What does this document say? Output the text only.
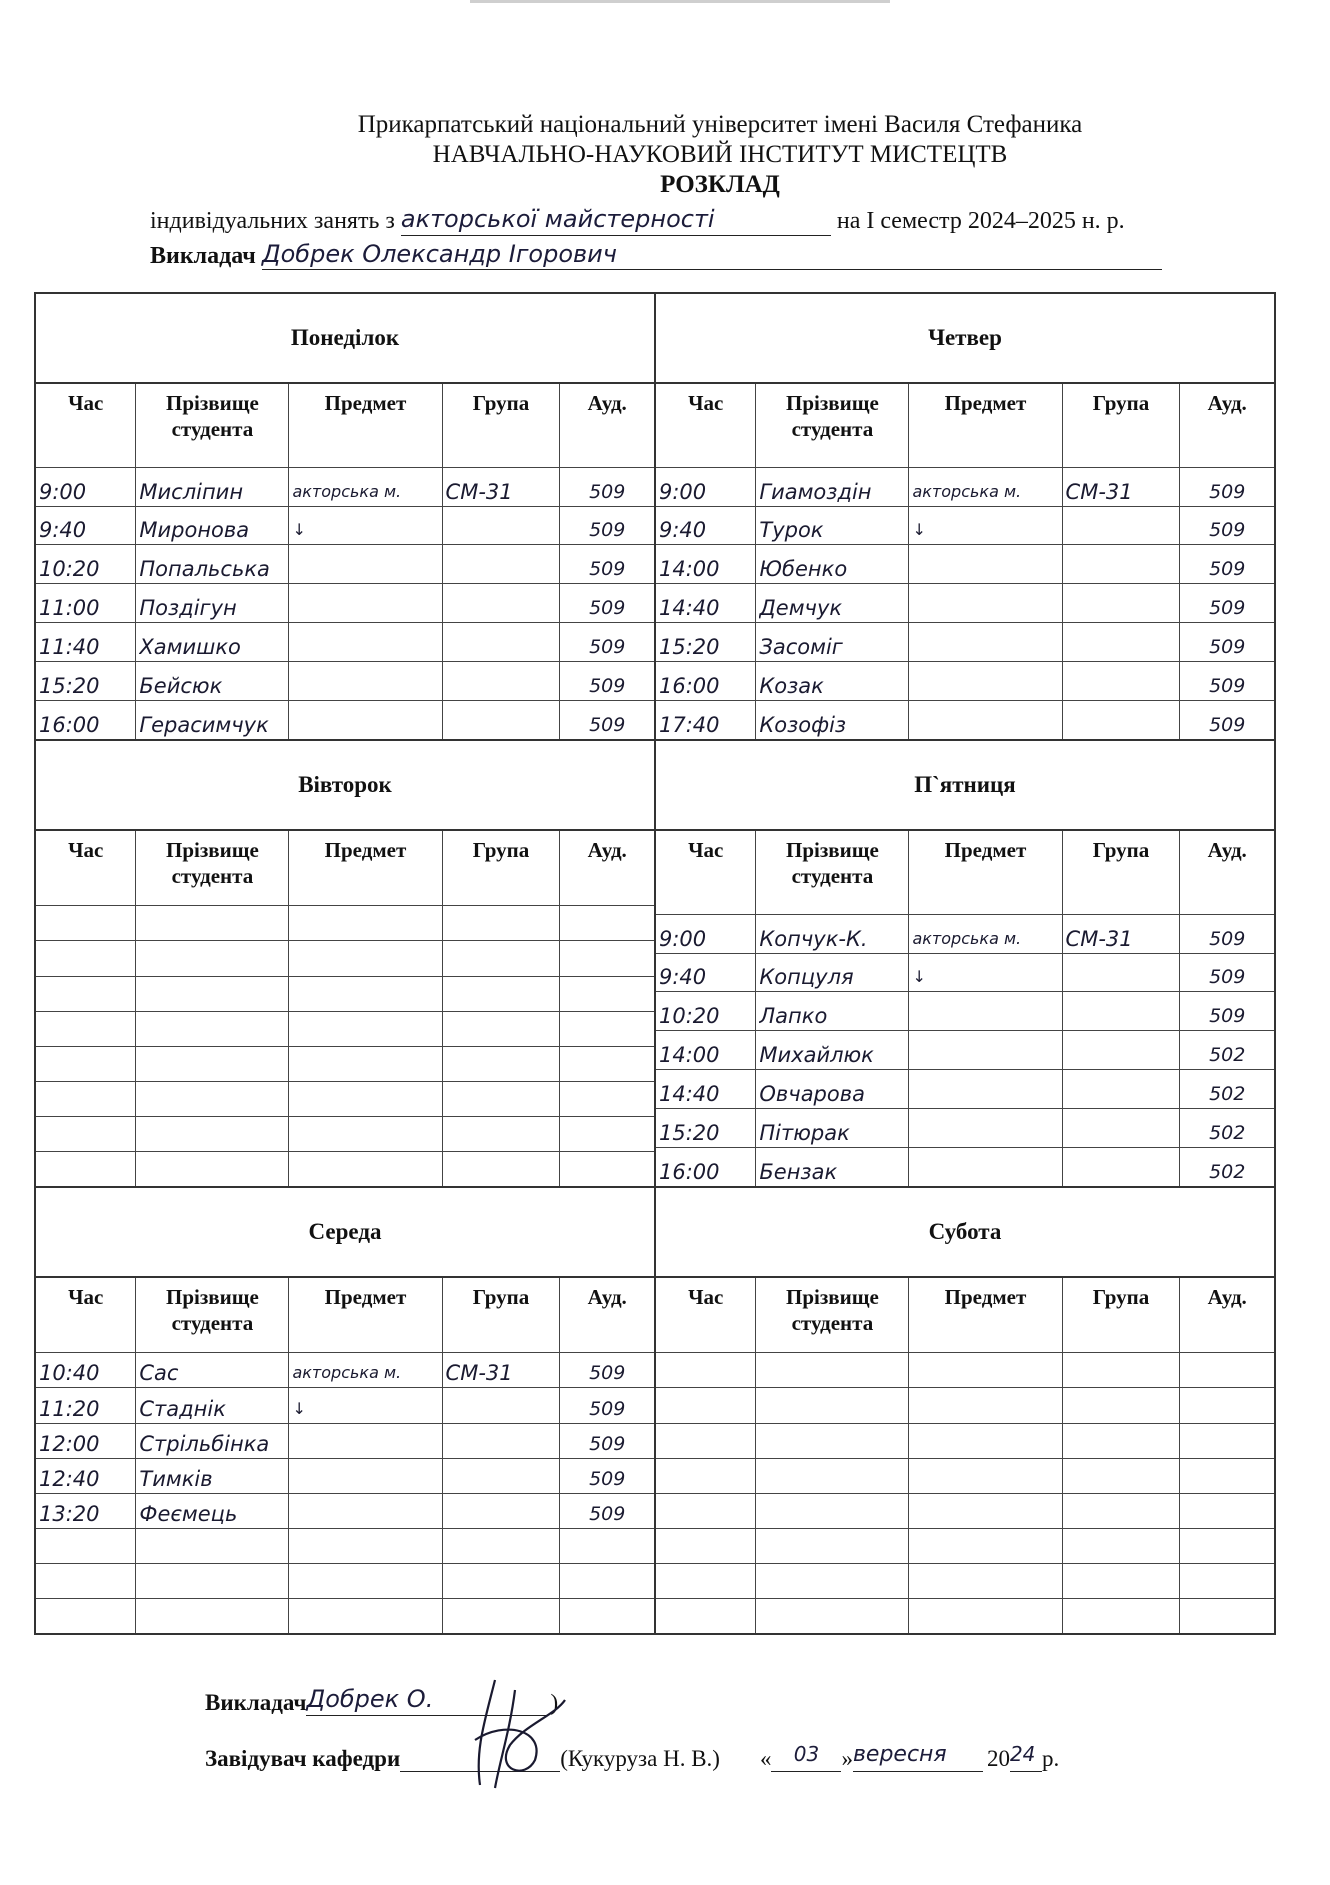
Прикарпатський національний університет імені Василя Стефаника
НАВЧАЛЬНО-НАУКОВИЙ ІНСТИТУТ МИСТЕЦТВ
РОЗКЛАД
індивідуальних занять з акторської майстерності	на І семестр 2024–2025 н. р.
Викладач Добрек Олександр Ігорович
Понеділок
Час	Прізвище студента	Предмет	Група	Ауд.

9:00	Мисліпин	акторська м.	СМ-31	509

9:40	Миронова	↓		509

10:20	Попальська			509

11:00	Поздігун			509

11:40	Хамишко			509

15:20	Бейсюк			509

16:00	Герасимчук			509

Четвер
Час	Прізвище студента	Предмет	Група	Ауд.

9:00	Гиамоздін	акторська м.	СМ-31	509

9:40	Турок	↓		509

14:00	Юбенко			509

14:40	Демчук			509

15:20	Засоміг			509

16:00	Козак			509

17:40	Козофіз			509

Вівторок
Час	Прізвище студента	Предмет	Група	Ауд.

П`ятниця
Час	Прізвище студента	Предмет	Група	Ауд.

9:00	Копчук-К.	акторська м.	СМ-31	509

9:40	Копцуля	↓		509

10:20	Лапко			509

14:00	Михайлюк			502

14:40	Овчарова			502

15:20	Пітюрак			502

16:00	Бензак			502

Середа
Час	Прізвище студента	Предмет	Група	Ауд.

10:40	Сас	акторська м.	СМ-31	509

11:20	Стаднік	↓		509

12:00	Стрільбінка			509

12:40	Тимків			509

13:20	Феємець			509

Субота
Час	Прізвище студента	Предмет	Група	Ауд.

Викладач Добрек О.	)
Завідувач кафедри	(Кукуруза Н. В.) «	03 » вересня	20 24 р.
